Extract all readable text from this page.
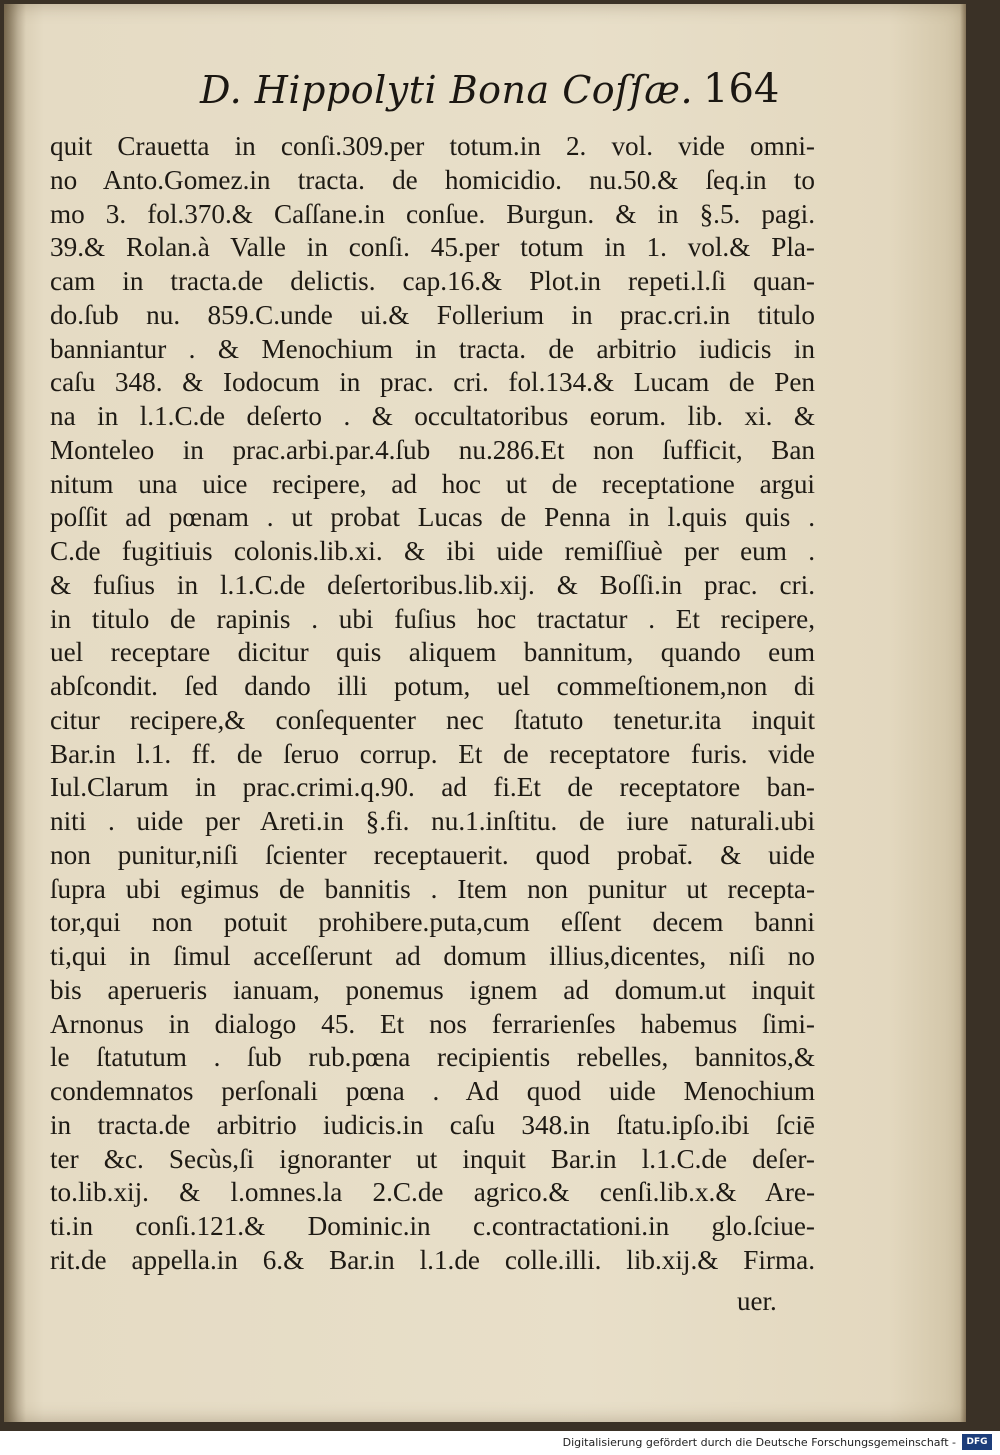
D. Hippolyti Bona Coſſæ. 164
quit Crauetta in conſi.309.per totum.in 2. vol. vide omni-
no Anto.Gomez.in tracta. de homicidio. nu.50.& ſeq.in to
mo 3. fol.370.& Caſſane.in conſue. Burgun. & in §.5. pagi.
39.& Rolan.à Valle in conſi. 45.per totum in 1. vol.& Pla-
cam in tracta.de delictis. cap.16.& Plot.in repeti.l.ſi quan-
do.ſub nu. 859.C.unde ui.& Follerium in prac.cri.in titulo
banniantur . & Menochium in tracta. de arbitrio iudicis in
caſu 348. & Iodocum in prac. cri. fol.134.& Lucam de Pen
na in l.1.C.de deſerto . & occultatoribus eorum. lib. xi. &
Monteleo in prac.arbi.par.4.ſub nu.286.Et non ſufficit, Ban
nitum una uice recipere, ad hoc ut de receptatione argui
poſſit ad pœnam . ut probat Lucas de Penna in l.quis quis .
C.de fugitiuis colonis.lib.xi. & ibi uide remiſſiuè per eum .
& fuſius in l.1.C.de deſertoribus.lib.xij. & Boſſi.in prac. cri.
in titulo de rapinis . ubi fuſius hoc tractatur . Et recipere,
uel receptare dicitur quis aliquem bannitum, quando eum
abſcondit. ſed dando illi potum, uel commeſtionem,non di
citur recipere,& conſequenter nec ſtatuto tenetur.ita inquit
Bar.in l.1. ff. de ſeruo corrup. Et de receptatore furis. vide
Iul.Clarum in prac.crimi.q.90. ad fi.Et de receptatore ban-
niti . uide per Areti.in §.fi. nu.1.inſtitu. de iure naturali.ubi
non punitur,niſi ſcienter receptauerit. quod probat̄. & uide
ſupra ubi egimus de bannitis . Item non punitur ut recepta-
tor,qui non potuit prohibere.puta,cum eſſent decem banni
ti,qui in ſimul acceſſerunt ad domum illius,dicentes, niſi no
bis aperueris ianuam, ponemus ignem ad domum.ut inquit
Arnonus in dialogo 45. Et nos ferrarienſes habemus ſimi-
le ſtatutum . ſub rub.pœna recipientis rebelles, bannitos,&
condemnatos perſonali pœna . Ad quod uide Menochium
in tracta.de arbitrio iudicis.in caſu 348.in ſtatu.ipſo.ibi ſciē
ter &c. Secùs,ſi ignoranter ut inquit Bar.in l.1.C.de deſer-
to.lib.xij. & l.omnes.la 2.C.de agrico.& cenſi.lib.x.& Are-
ti.in conſi.121.& Dominic.in c.contractationi.in glo.ſciue-
rit.de appella.in 6.& Bar.in l.1.de colle.illi. lib.xij.& Firma.
uer.
Digitalisierung gefördert durch die Deutsche Forschungsgemeinschaft -	DFG
